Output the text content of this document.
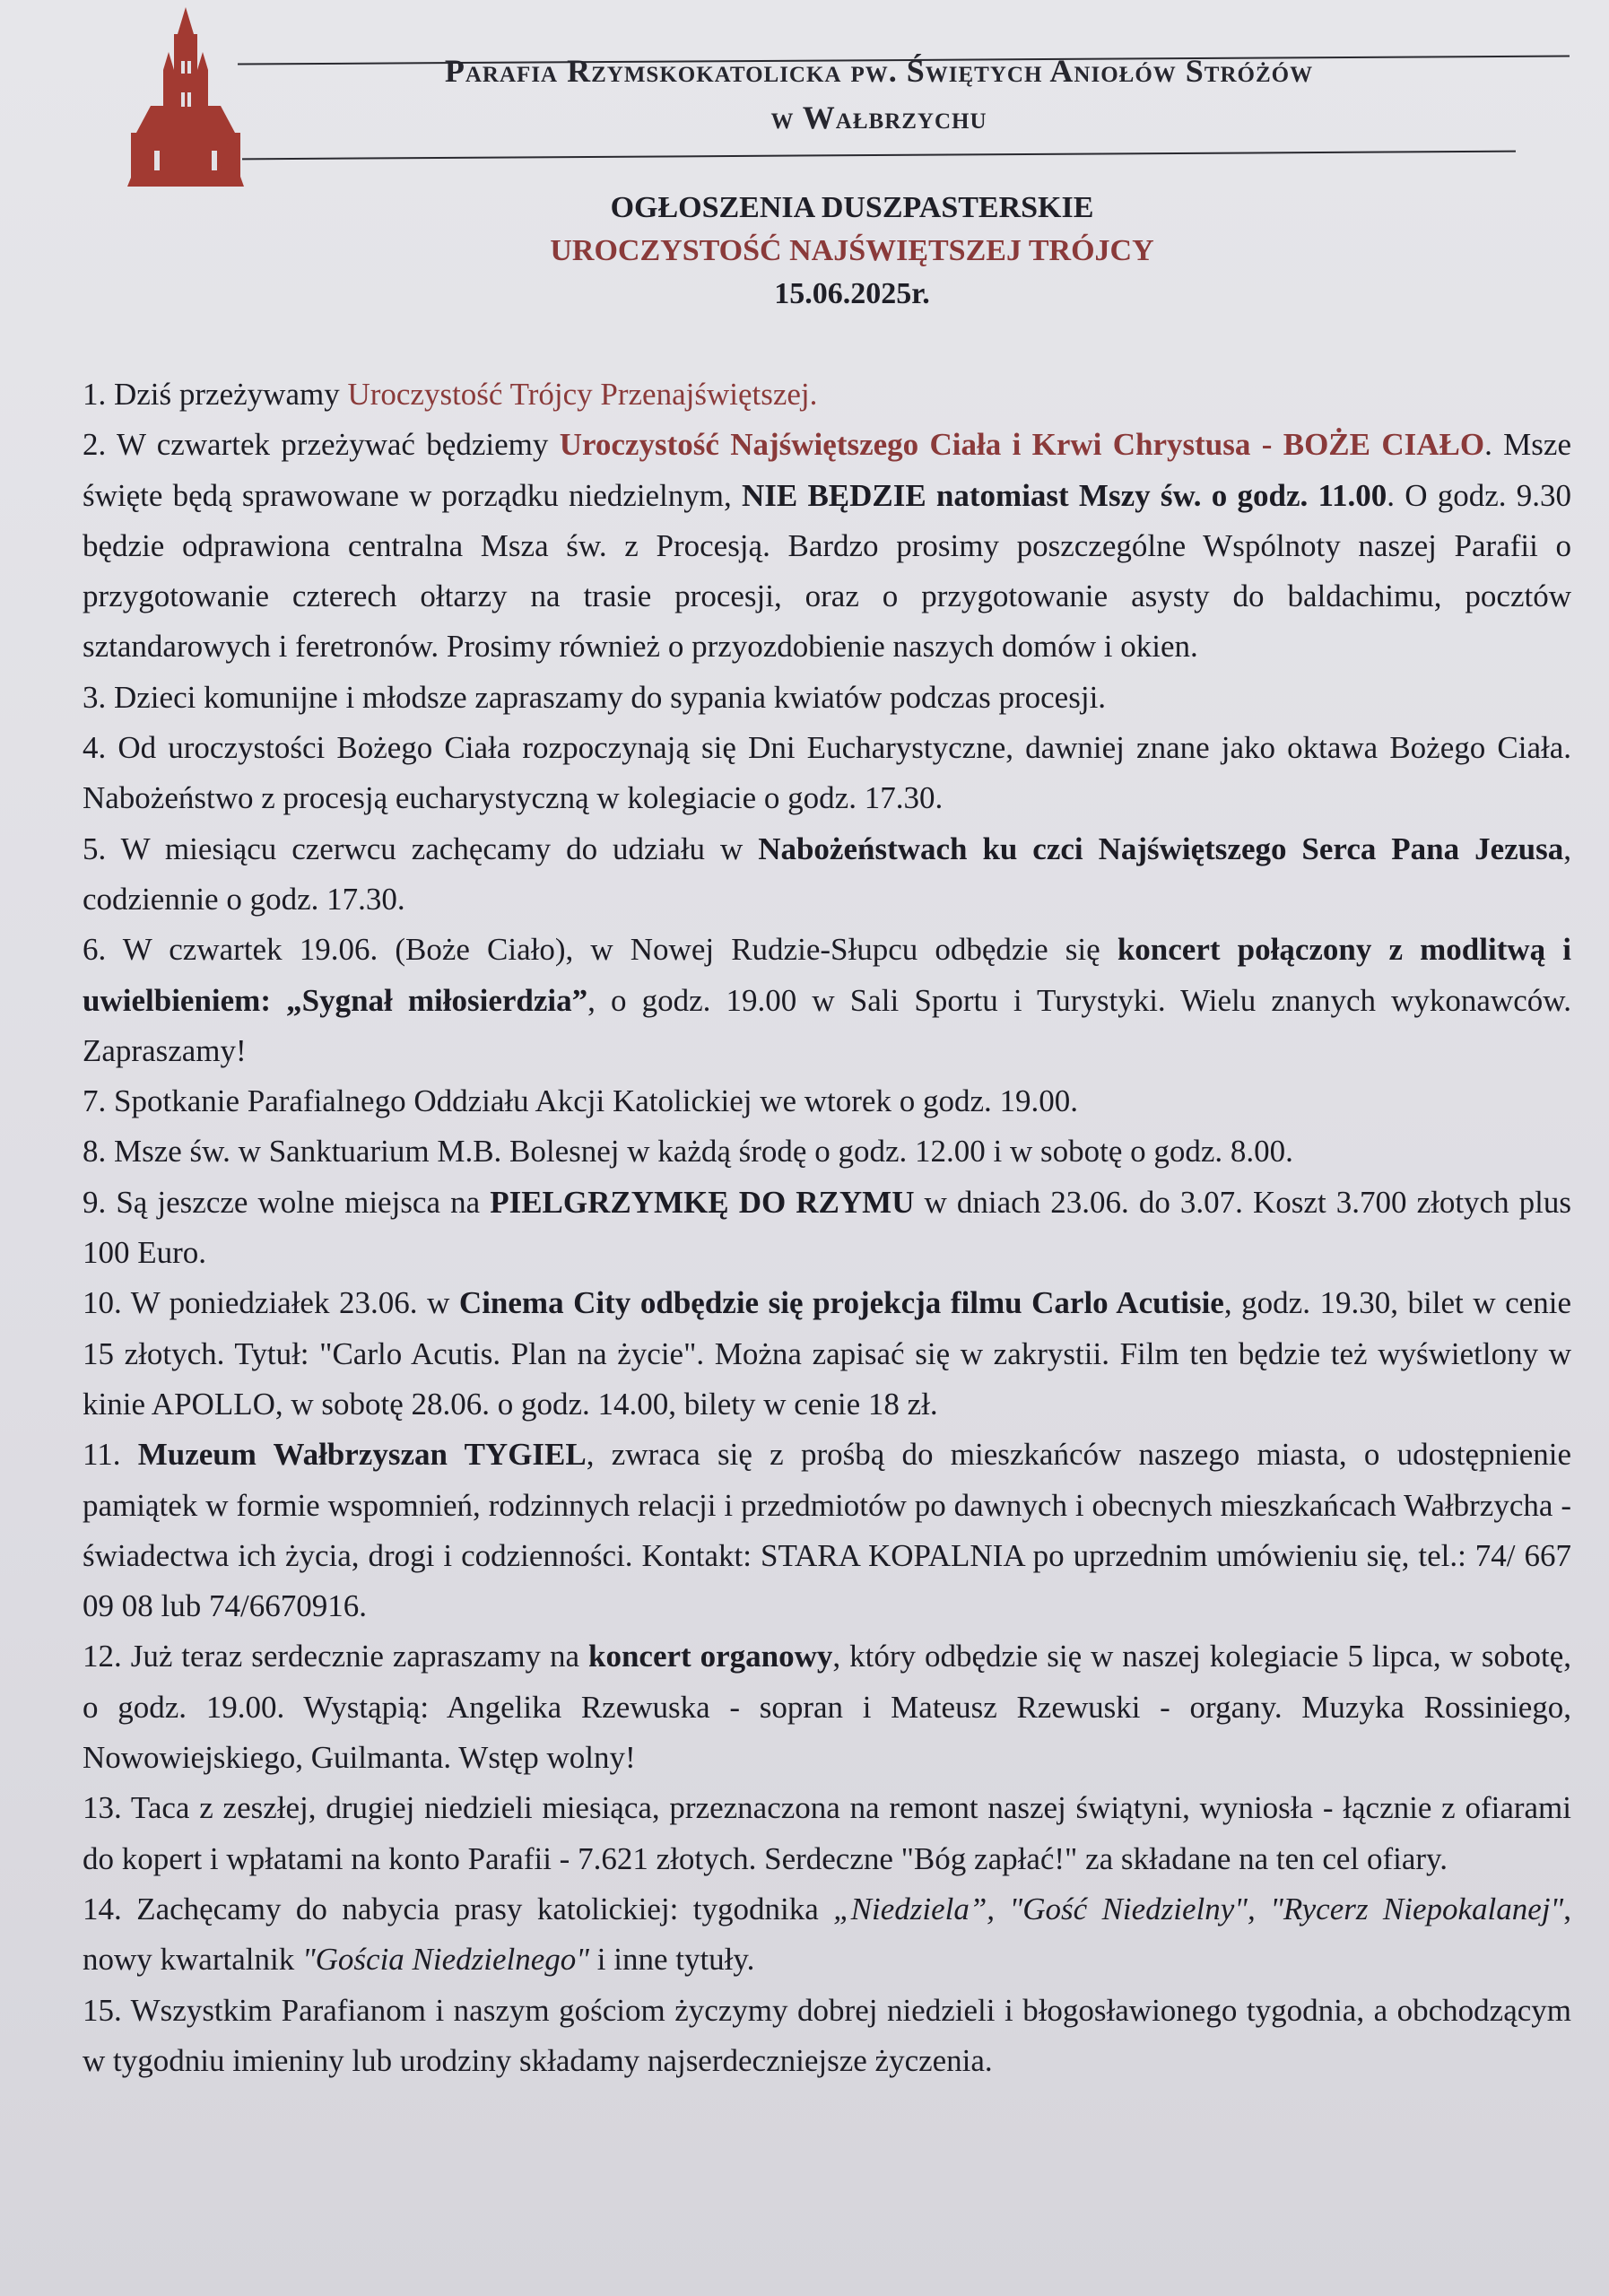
Parafia Rzymskokatolicka pw. Świętych Aniołów Stróżów
w Wałbrzychu
OGŁOSZENIA DUSZPASTERSKIE
UROCZYSTOŚĆ NAJŚWIĘTSZEJ TRÓJCY
15.06.2025r.

1. Dziś przeżywamy Uroczystość Trójcy Przenajświętszej.

2. W czwartek przeżywać będziemy Uroczystość Najświętszego Ciała i Krwi Chrystusa - BOŻE CIAŁO. Msze święte będą sprawowane w porządku niedzielnym, NIE BĘDZIE natomiast Mszy św. o godz. 11.00. O godz. 9.30 będzie odprawiona centralna Msza św. z Procesją. Bardzo prosimy poszczególne Wspólnoty naszej Parafii o przygotowanie czterech ołtarzy na trasie procesji, oraz o przygotowanie asysty do baldachimu, pocztów sztandarowych i feretronów. Prosimy również o przyozdobienie naszych domów i okien.

3. Dzieci komunijne i młodsze zapraszamy do sypania kwiatów podczas procesji.

4. Od uroczystości Bożego Ciała rozpoczynają się Dni Eucharystyczne, dawniej znane jako oktawa Bożego Ciała. Nabożeństwo z procesją eucharystyczną w kolegiacie o godz. 17.30.

5. W miesiącu czerwcu zachęcamy do udziału w Nabożeństwach ku czci Najświętszego Serca Pana Jezusa, codziennie o godz. 17.30.

6. W czwartek 19.06. (Boże Ciało), w Nowej Rudzie-Słupcu odbędzie się koncert połączony z modlitwą i uwielbieniem: „Sygnał miłosierdzia”, o godz. 19.00 w Sali Sportu i Turystyki. Wielu znanych wykonawców. Zapraszamy!

7. Spotkanie Parafialnego Oddziału Akcji Katolickiej we wtorek o godz. 19.00.

8. Msze św. w Sanktuarium M.B. Bolesnej w każdą środę o godz. 12.00 i w sobotę o godz. 8.00.

9. Są jeszcze wolne miejsca na PIELGRZYMKĘ DO RZYMU w dniach 23.06. do 3.07. Koszt 3.700 złotych plus 100 Euro.

10. W poniedziałek 23.06. w Cinema City odbędzie się projekcja filmu Carlo Acutisie, godz. 19.30, bilet w cenie 15 złotych. Tytuł: "Carlo Acutis. Plan na życie". Można zapisać się w zakrystii. Film ten będzie też wyświetlony w kinie APOLLO, w sobotę 28.06. o godz. 14.00, bilety w cenie 18 zł.

11. Muzeum Wałbrzyszan TYGIEL, zwraca się z prośbą do mieszkańców naszego miasta, o udostępnienie pamiątek w formie wspomnień, rodzinnych relacji i przedmiotów po dawnych i obecnych mieszkańcach Wałbrzycha - świadectwa ich życia, drogi i codzienności. Kontakt: STARA KOPALNIA po uprzednim umówieniu się, tel.: 74/ 667 09 08 lub 74/6670916.

12. Już teraz serdecznie zapraszamy na koncert organowy, który odbędzie się w naszej kolegiacie 5 lipca, w sobotę, o godz. 19.00. Wystąpią: Angelika Rzewuska - sopran i Mateusz Rzewuski - organy. Muzyka Rossiniego, Nowowiejskiego, Guilmanta. Wstęp wolny!

13. Taca z zeszłej, drugiej niedzieli miesiąca, przeznaczona na remont naszej świątyni, wyniosła - łącznie z ofiarami do kopert i wpłatami na konto Parafii - 7.621 złotych. Serdeczne "Bóg zapłać!" za składane na ten cel ofiary.

14. Zachęcamy do nabycia prasy katolickiej: tygodnika „Niedziela”, "Gość Niedzielny", "Rycerz Niepokalanej", nowy kwartalnik "Gościa Niedzielnego" i inne tytuły.

15. Wszystkim Parafianom i naszym gościom życzymy dobrej niedzieli i błogosławionego tygodnia, a obchodzącym w tygodniu imieniny lub urodziny składamy najserdeczniejsze życzenia.
